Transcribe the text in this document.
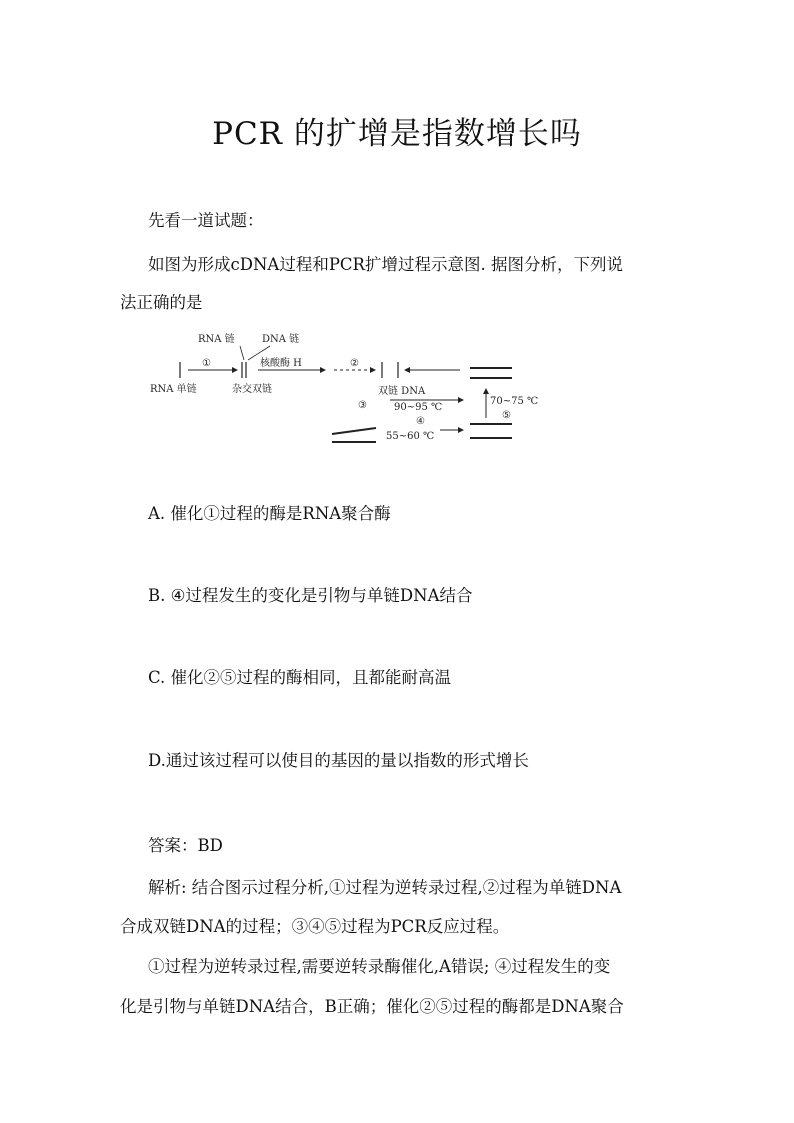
PCR 的扩增是指数增长吗

先看一道试题：

如图为形成cDNA过程和PCR扩增过程示意图. 据图分析，下列说

法正确的是

RNA 链	DNA 链
RNA 单链
①
杂交双链
核酸酶 H	②
双链 DNA
③	90~95 ℃
④
70~75 ℃
⑤
55~60 ℃

A. 催化①过程的酶是RNA聚合酶

B. ④过程发生的变化是引物与单链DNA结合

C. 催化②⑤过程的酶相同，且都能耐高温

D.通过该过程可以使目的基因的量以指数的形式增长

答案：BD

解析: 结合图示过程分析,①过程为逆转录过程,②过程为单链DNA

合成双链DNA的过程；③④⑤过程为PCR反应过程。

①过程为逆转录过程,需要逆转录酶催化,A错误; ④过程发生的变

化是引物与单链DNA结合，B正确；催化②⑤过程的酶都是DNA聚合
